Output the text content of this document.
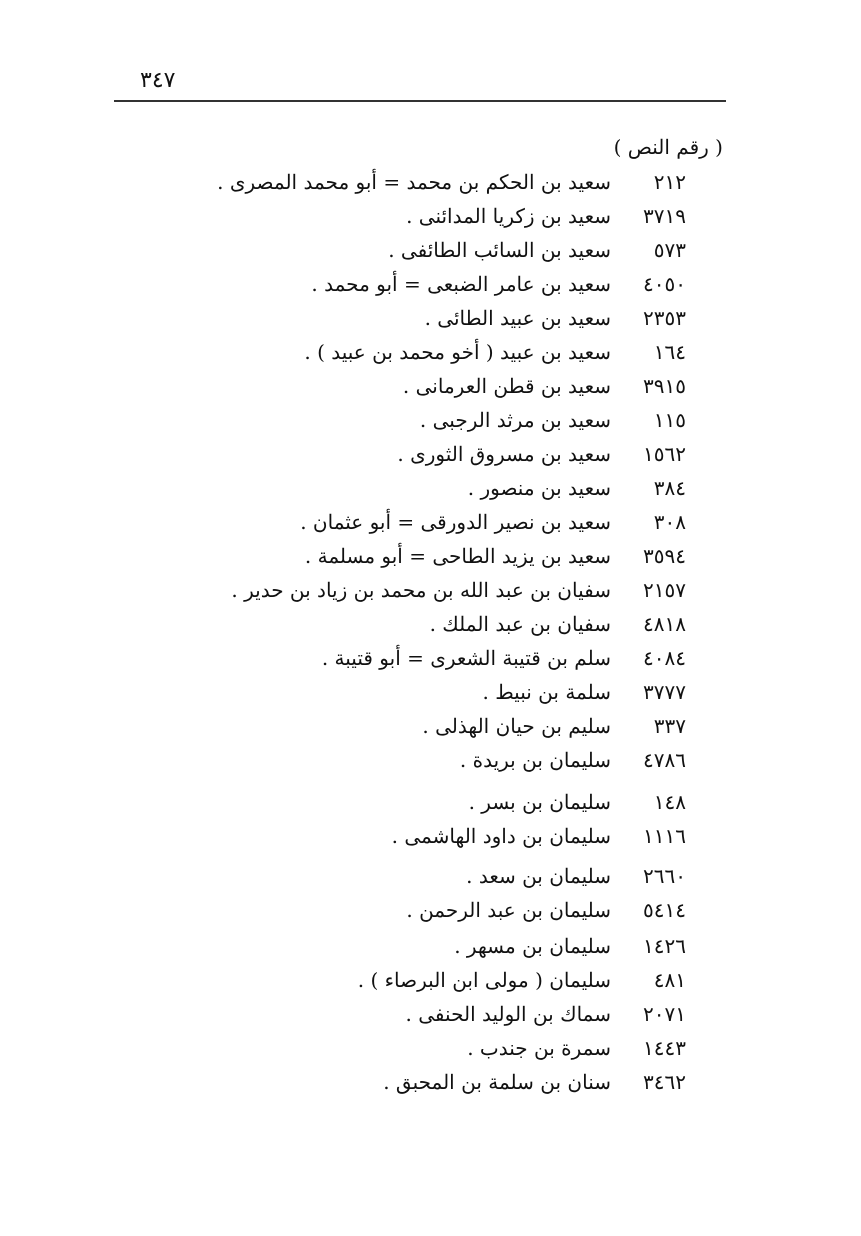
٣٤٧
( رقم النص )
٢١٢
سعيد بن الحكم بن محمد = أبو محمد المصرى .
٣٧١٩
سعيد بن زكريا المدائنى .
٥٧٣
سعيد بن السائب الطائفى .
٤٠٥٠
سعيد بن عامر الضبعى = أبو محمد .
٢٣٥٣
سعيد بن عبيد الطائى .
١٦٤
سعيد بن عبيد ( أخو محمد بن عبيد ) .
٣٩١٥
سعيد بن قطن العرمانى .
١١٥
سعيد بن مرثد الرجبى .
١٥٦٢
سعيد بن مسروق الثورى .
٣٨٤
سعيد بن منصور .
٣٠٨
سعيد بن نصير الدورقى = أبو عثمان .
٣٥٩٤
سعيد بن يزيد الطاحى = أبو مسلمة .
٢١٥٧
سفيان بن عبد الله بن محمد بن زياد بن حدير .
٤٨١٨
سفيان بن عبد الملك .
٤٠٨٤
سلم بن قتيبة الشعرى = أبو قتيبة .
٣٧٧٧
سلمة بن نبيط .
٣٣٧
سليم بن حيان الهذلى .
٤٧٨٦
سليمان بن بريدة .
١٤٨
سليمان بن بسر .
١١١٦
سليمان بن داود الهاشمى .
٢٦٦٠
سليمان بن سعد .
٥٤١٤
سليمان بن عبد الرحمن .
١٤٢٦
سليمان بن مسهر .
٤٨١
سليمان ( مولى ابن البرصاء ) .
٢٠٧١
سماك بن الوليد الحنفى .
١٤٤٣
سمرة بن جندب .
٣٤٦٢
سنان بن سلمة بن المحبق .
